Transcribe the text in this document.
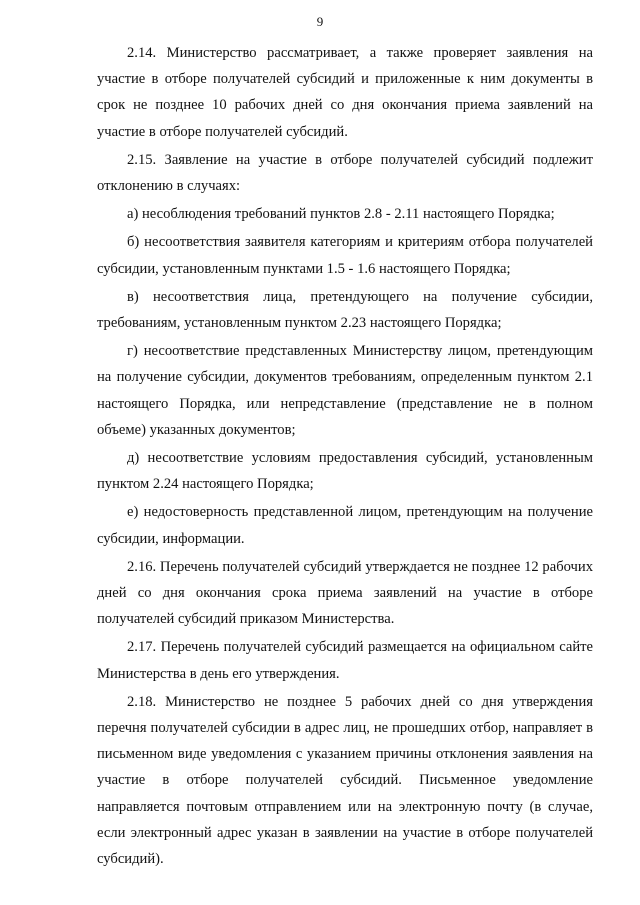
9

2.14. Министерство рассматривает, а также проверяет заявления на участие в отборе получателей субсидий и приложенные к ним документы в срок не позднее 10 рабочих дней со дня окончания приема заявлений на участие в отборе получателей субсидий.

2.15. Заявление на участие в отборе получателей субсидий подлежит отклонению в случаях:

а) несоблюдения требований пунктов 2.8 - 2.11 настоящего Порядка;

б) несоответствия заявителя категориям и критериям отбора получателей субсидии, установленным пунктами 1.5 - 1.6 настоящего Порядка;

в) несоответствия лица, претендующего на получение субсидии, требованиям, установленным пунктом 2.23 настоящего Порядка;

г) несоответствие представленных Министерству лицом, претендующим на получение субсидии, документов требованиям, определенным пунктом 2.1 настоящего Порядка, или непредставление (представление не в полном объеме) указанных документов;

д) несоответствие условиям предоставления субсидий, установленным пунктом 2.24 настоящего Порядка;

е) недостоверность представленной лицом, претендующим на получение субсидии, информации.

2.16. Перечень получателей субсидий утверждается не позднее 12 рабочих дней со дня окончания срока приема заявлений на участие в отборе получателей субсидий приказом Министерства.

2.17. Перечень получателей субсидий размещается на официальном сайте Министерства в день его утверждения.

2.18. Министерство не позднее 5 рабочих дней со дня утверждения перечня получателей субсидии в адрес лиц, не прошедших отбор, направляет в письменном виде уведомления с указанием причины отклонения заявления на участие в отборе получателей субсидий. Письменное уведомление направляется почтовым отправлением или на электронную почту (в случае, если электронный адрес указан в заявлении на участие в отборе получателей субсидий).
